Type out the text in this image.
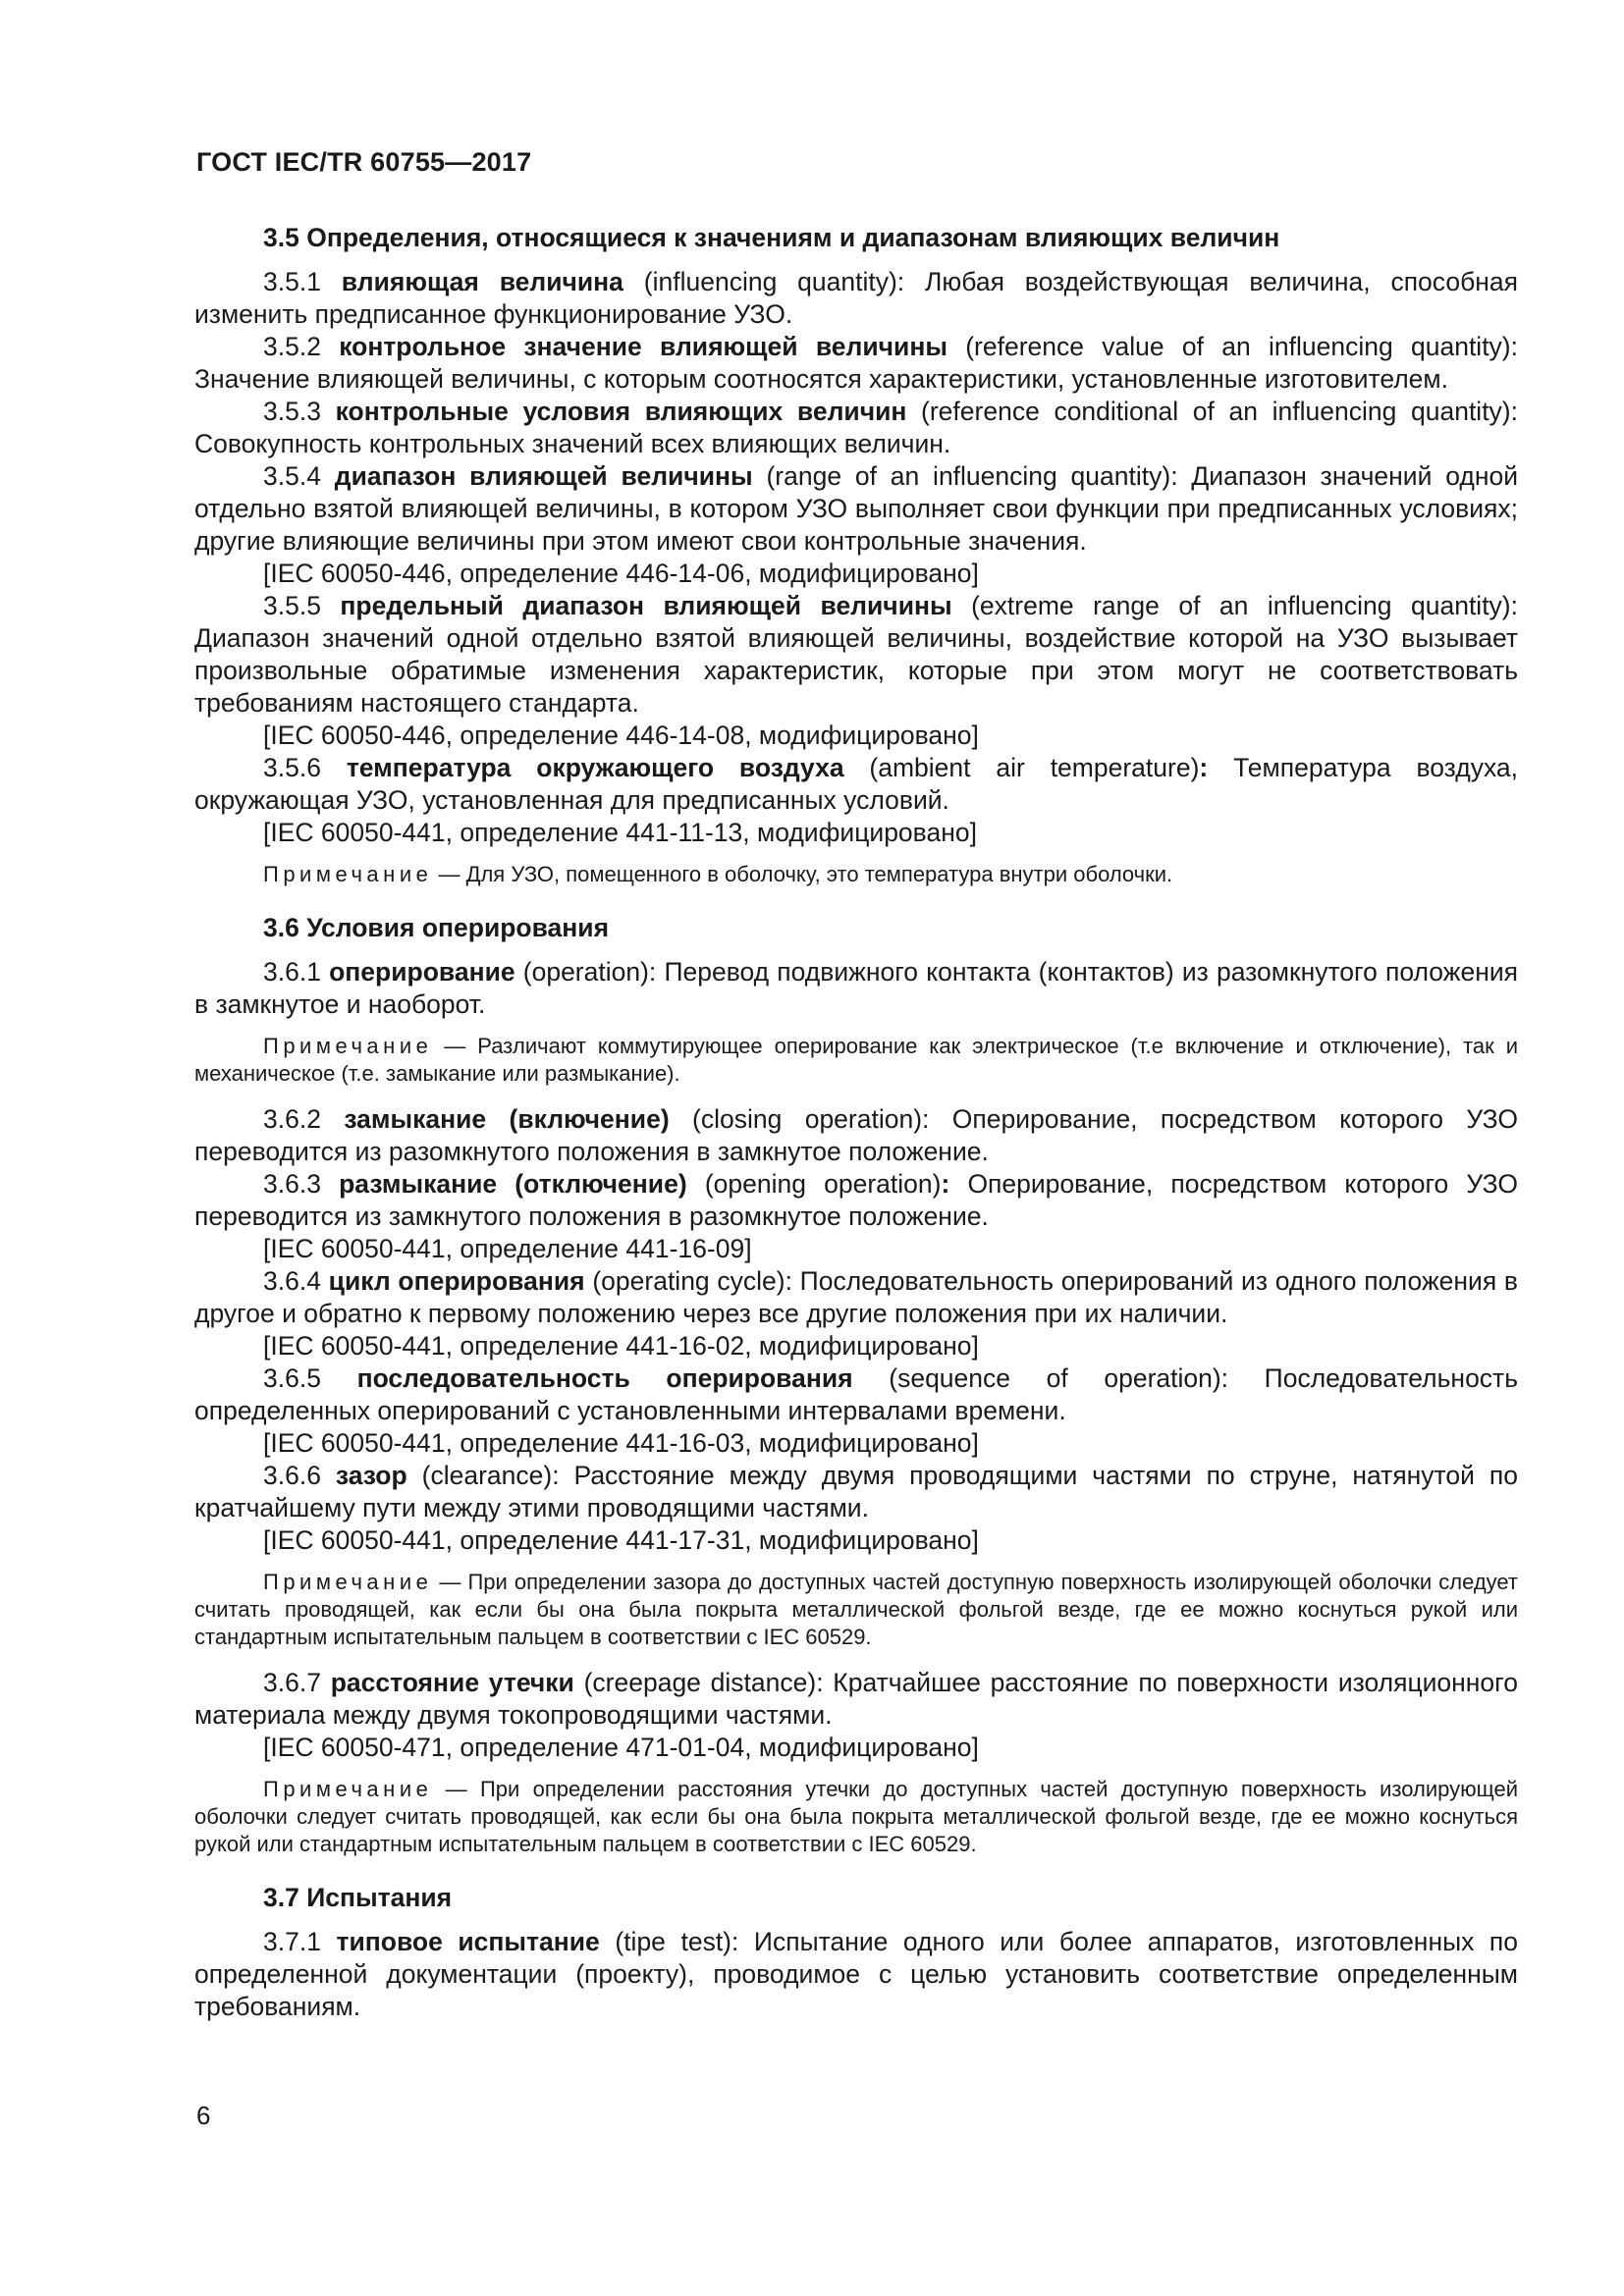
ГОСТ IEC/TR 60755—2017

3.5 Определения, относящиеся к значениям и диапазонам влияющих величин

3.5.1 влияющая величина (influencing quantity): Любая воздействующая величина, способная изменить предписанное функционирование УЗО.

3.5.2 контрольное значение влияющей величины (reference value of an influencing quantity): Значение влияющей величины, с которым соотносятся характеристики, установленные изготовителем.

3.5.3 контрольные условия влияющих величин (reference conditional of an influencing quantity): Совокупность контрольных значений всех влияющих величин.

3.5.4 диапазон влияющей величины (range of an influencing quantity): Диапазон значений одной отдельно взятой влияющей величины, в котором УЗО выполняет свои функции при предписанных условиях; другие влияющие величины при этом имеют свои контрольные значения.

[IEC 60050-446, определение 446-14-06, модифицировано]

3.5.5 предельный диапазон влияющей величины (extreme range of an influencing quantity): Диапазон значений одной отдельно взятой влияющей величины, воздействие которой на УЗО вызывает произвольные обратимые изменения характеристик, которые при этом могут не соответствовать требованиям настоящего стандарта.

[IEC 60050-446, определение 446-14-08, модифицировано]

3.5.6 температура окружающего воздуха (ambient air temperature): Температура воздуха, окружающая УЗО, установленная для предписанных условий.

[IEC 60050-441, определение 441-11-13, модифицировано]

Примечание — Для УЗО, помещенного в оболочку, это температура внутри оболочки.

3.6 Условия оперирования

3.6.1 оперирование (operation): Перевод подвижного контакта (контактов) из разомкнутого положения в замкнутое и наоборот.

Примечание — Различают коммутирующее оперирование как электрическое (т.е включение и отключение), так и механическое (т.е. замыкание или размыкание).

3.6.2 замыкание (включение) (closing operation): Оперирование, посредством которого УЗО переводится из разомкнутого положения в замкнутое положение.

3.6.3 размыкание (отключение) (opening operation): Оперирование, посредством которого УЗО переводится из замкнутого положения в разомкнутое положение.

[IEC 60050-441, определение 441-16-09]

3.6.4 цикл оперирования (operating cycle): Последовательность оперирований из одного положения в другое и обратно к первому положению через все другие положения при их наличии.

[IEC 60050-441, определение 441-16-02, модифицировано]

3.6.5 последовательность оперирования (sequence of operation): Последовательность определенных оперирований с установленными интервалами времени.

[IEC 60050-441, определение 441-16-03, модифицировано]

3.6.6 зазор (clearance): Расстояние между двумя проводящими частями по струне, натянутой по кратчайшему пути между этими проводящими частями.

[IEC 60050-441, определение 441-17-31, модифицировано]

Примечание — При определении зазора до доступных частей доступную поверхность изолирующей оболочки следует считать проводящей, как если бы она была покрыта металлической фольгой везде, где ее можно коснуться рукой или стандартным испытательным пальцем в соответствии с IEC 60529.

3.6.7 расстояние утечки (creepage distance): Кратчайшее расстояние по поверхности изоляционного материала между двумя токопроводящими частями.

[IEC 60050-471, определение 471-01-04, модифицировано]

Примечание — При определении расстояния утечки до доступных частей доступную поверхность изолирующей оболочки следует считать проводящей, как если бы она была покрыта металлической фольгой везде, где ее можно коснуться рукой или стандартным испытательным пальцем в соответствии с IEC 60529.

3.7 Испытания

3.7.1 типовое испытание (tipe test): Испытание одного или более аппаратов, изготовленных по определенной документации (проекту), проводимое с целью установить соответствие определенным требованиям.

6
